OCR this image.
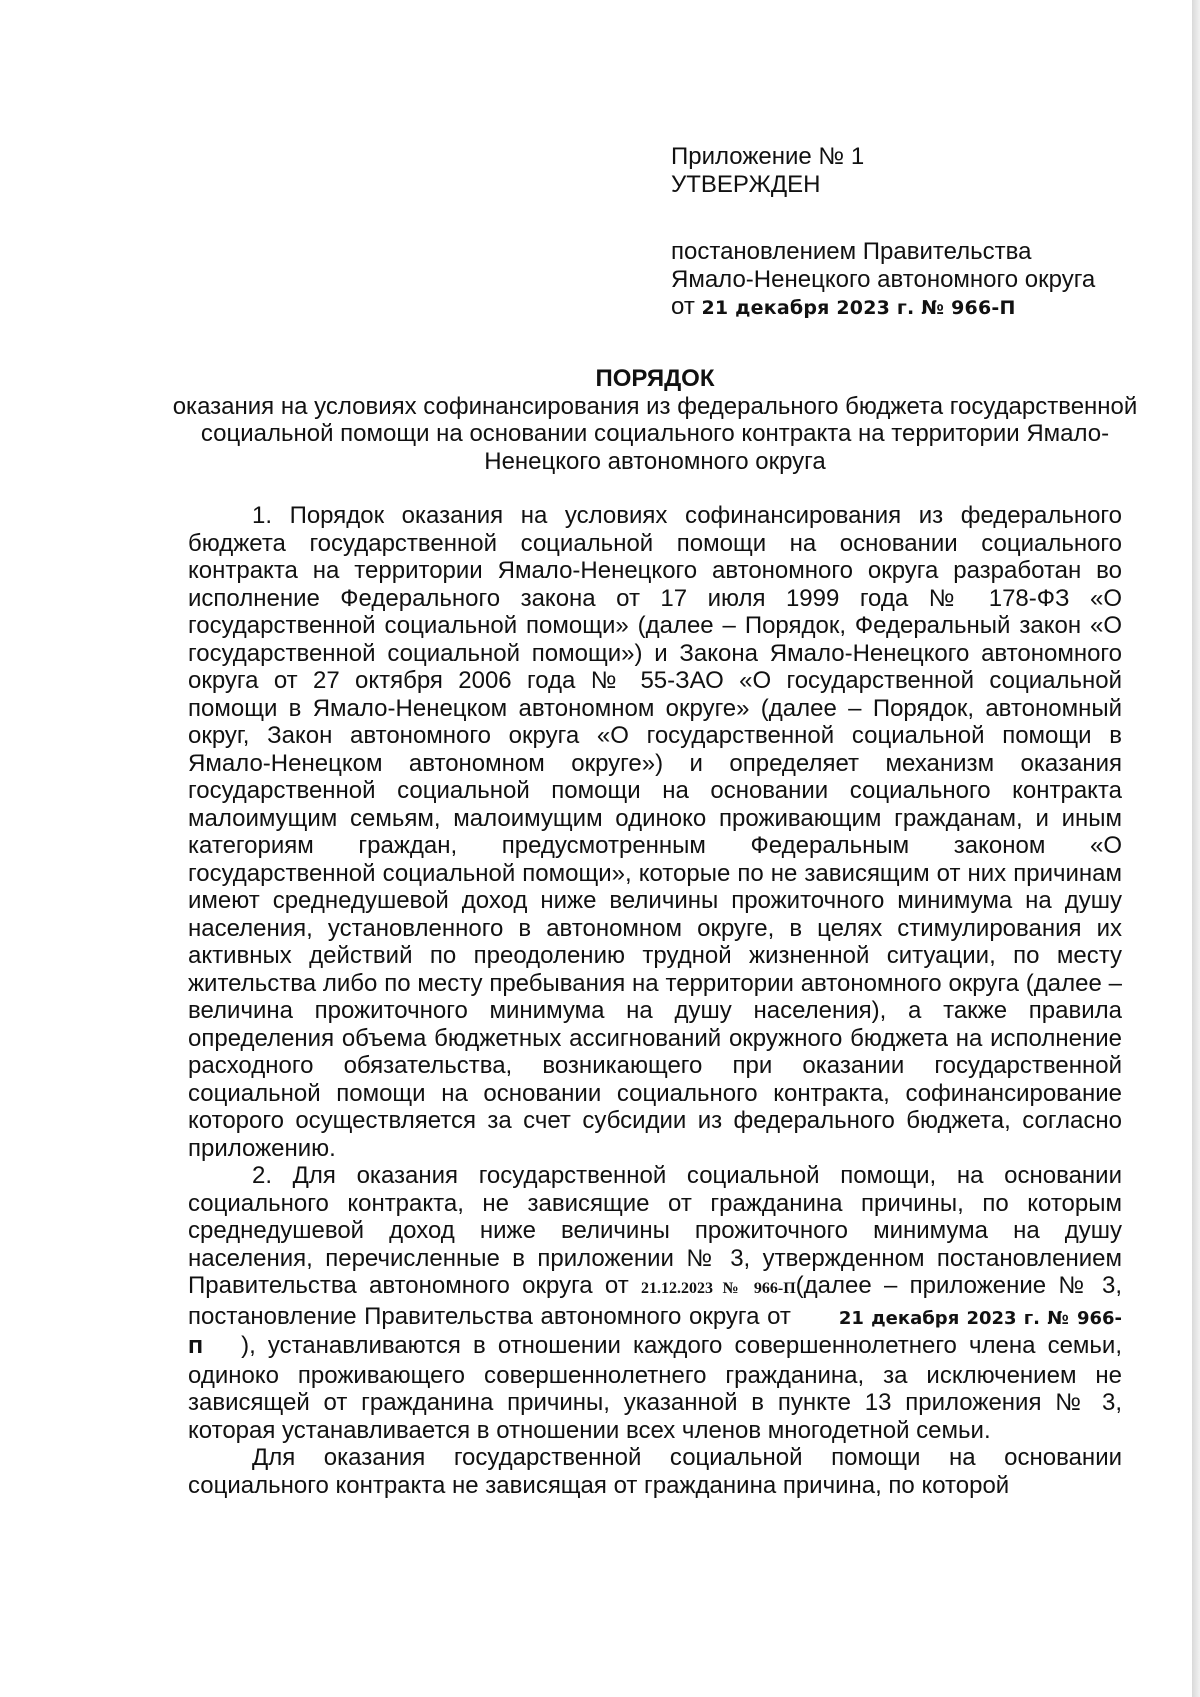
Приложение № 1
УТВЕРЖДЕН
постановлением Правительства
Ямало-Ненецкого автономного округа
от 21 декабря 2023 г. № 966-П
ПОРЯДОК
оказания на условиях софинансирования из федерального бюджета государственной социальной помощи на основании социального контракта на территории Ямало-Ненецкого автономного округа

1. Порядок оказания на условиях софинансирования из федерального бюджета государственной социальной помощи на основании социального контракта на территории Ямало-Ненецкого автономного округа разработан во исполнение Федерального закона от 17 июля 1999 года № 178-ФЗ «О государственной социальной помощи» (далее – Порядок, Федеральный закон «О государственной социальной помощи») и Закона Ямало-Ненецкого автономного округа от 27 октября 2006 года № 55-ЗАО «О государственной социальной помощи в Ямало-Ненецком автономном округе» (далее – Порядок, автономный округ, Закон автономного округа «О государственной социальной помощи в Ямало-Ненецком автономном округе») и определяет механизм оказания государственной социальной помощи на основании социального контракта малоимущим семьям, малоимущим одиноко проживающим гражданам, и иным категориям граждан, предусмотренным Федеральным законом «О государственной социальной помощи», которые по не зависящим от них причинам имеют среднедушевой доход ниже величины прожиточного минимума на душу населения, установленного в автономном округе, в целях стимулирования их активных действий по преодолению трудной жизненной ситуации, по месту жительства либо по месту пребывания на территории автономного округа (далее – величина прожиточного минимума на душу населения), а также правила определения объема бюджетных ассигнований окружного бюджета на исполнение расходного обязательства, возникающего при оказании государственной социальной помощи на основании социального контракта, софинансирование которого осуществляется за счет субсидии из федерального бюджета, согласно приложению.

2. Для оказания государственной социальной помощи, на основании социального контракта, не зависящие от гражданина причины, по которым среднедушевой доход ниже величины прожиточного минимума на душу населения, перечисленные в приложении № 3, утвержденном постановлением Правительства автономного округа от 21.12.2023 № 966-П(далее – приложение № 3, постановление Правительства автономного округа от	21 декабря 2023 г. № 966-П ), устанавливаются в отношении каждого совершеннолетнего члена семьи, одиноко проживающего совершеннолетнего гражданина, за исключением не зависящей от гражданина причины, указанной в пункте 13 приложения № 3, которая устанавливается в отношении всех членов многодетной семьи.

Для оказания государственной социальной помощи на основании социального контракта не зависящая от гражданина причина, по которой
